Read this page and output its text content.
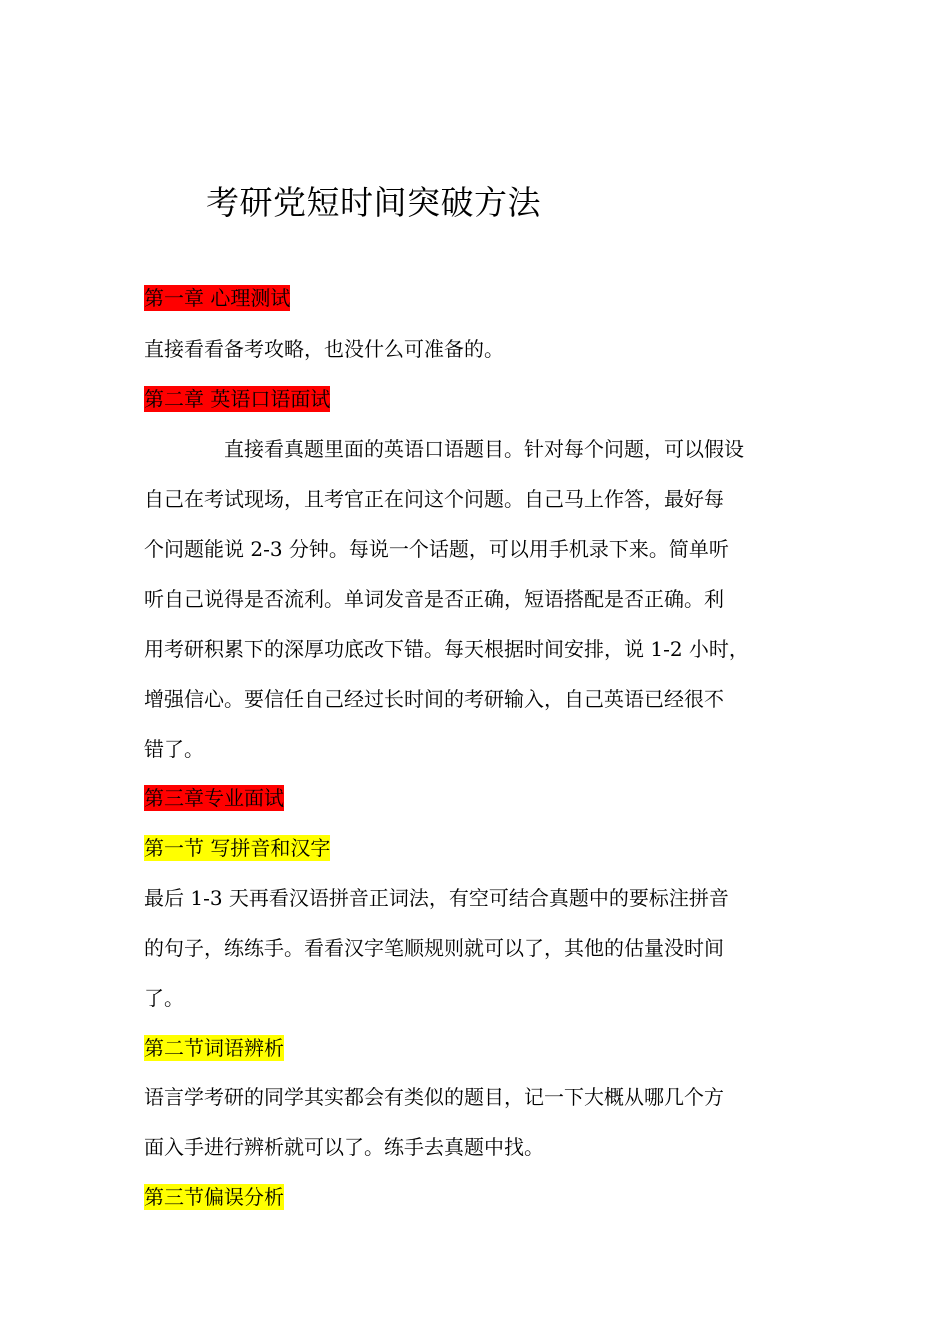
考研党短时间突破方法
第一章 心理测试
直接看看备考攻略，也没什么可准备的。
第二章 英语口语面试
直接看真题里面的英语口语题目。针对每个问题，可以假设
自己在考试现场，且考官正在问这个问题。自己马上作答，最好每
个问题能说 2-3 分钟。每说一个话题，可以用手机录下来。简单听
听自己说得是否流利。单词发音是否正确，短语搭配是否正确。利
用考研积累下的深厚功底改下错。每天根据时间安排，说 1-2 小时，
增强信心。要信任自己经过长时间的考研输入，自己英语已经很不
错了。
第三章专业面试
第一节 写拼音和汉字
最后 1-3 天再看汉语拼音正词法，有空可结合真题中的要标注拼音
的句子，练练手。看看汉字笔顺规则就可以了，其他的估量没时间
了。
第二节词语辨析
语言学考研的同学其实都会有类似的题目，记一下大概从哪几个方
面入手进行辨析就可以了。练手去真题中找。
第三节偏误分析
